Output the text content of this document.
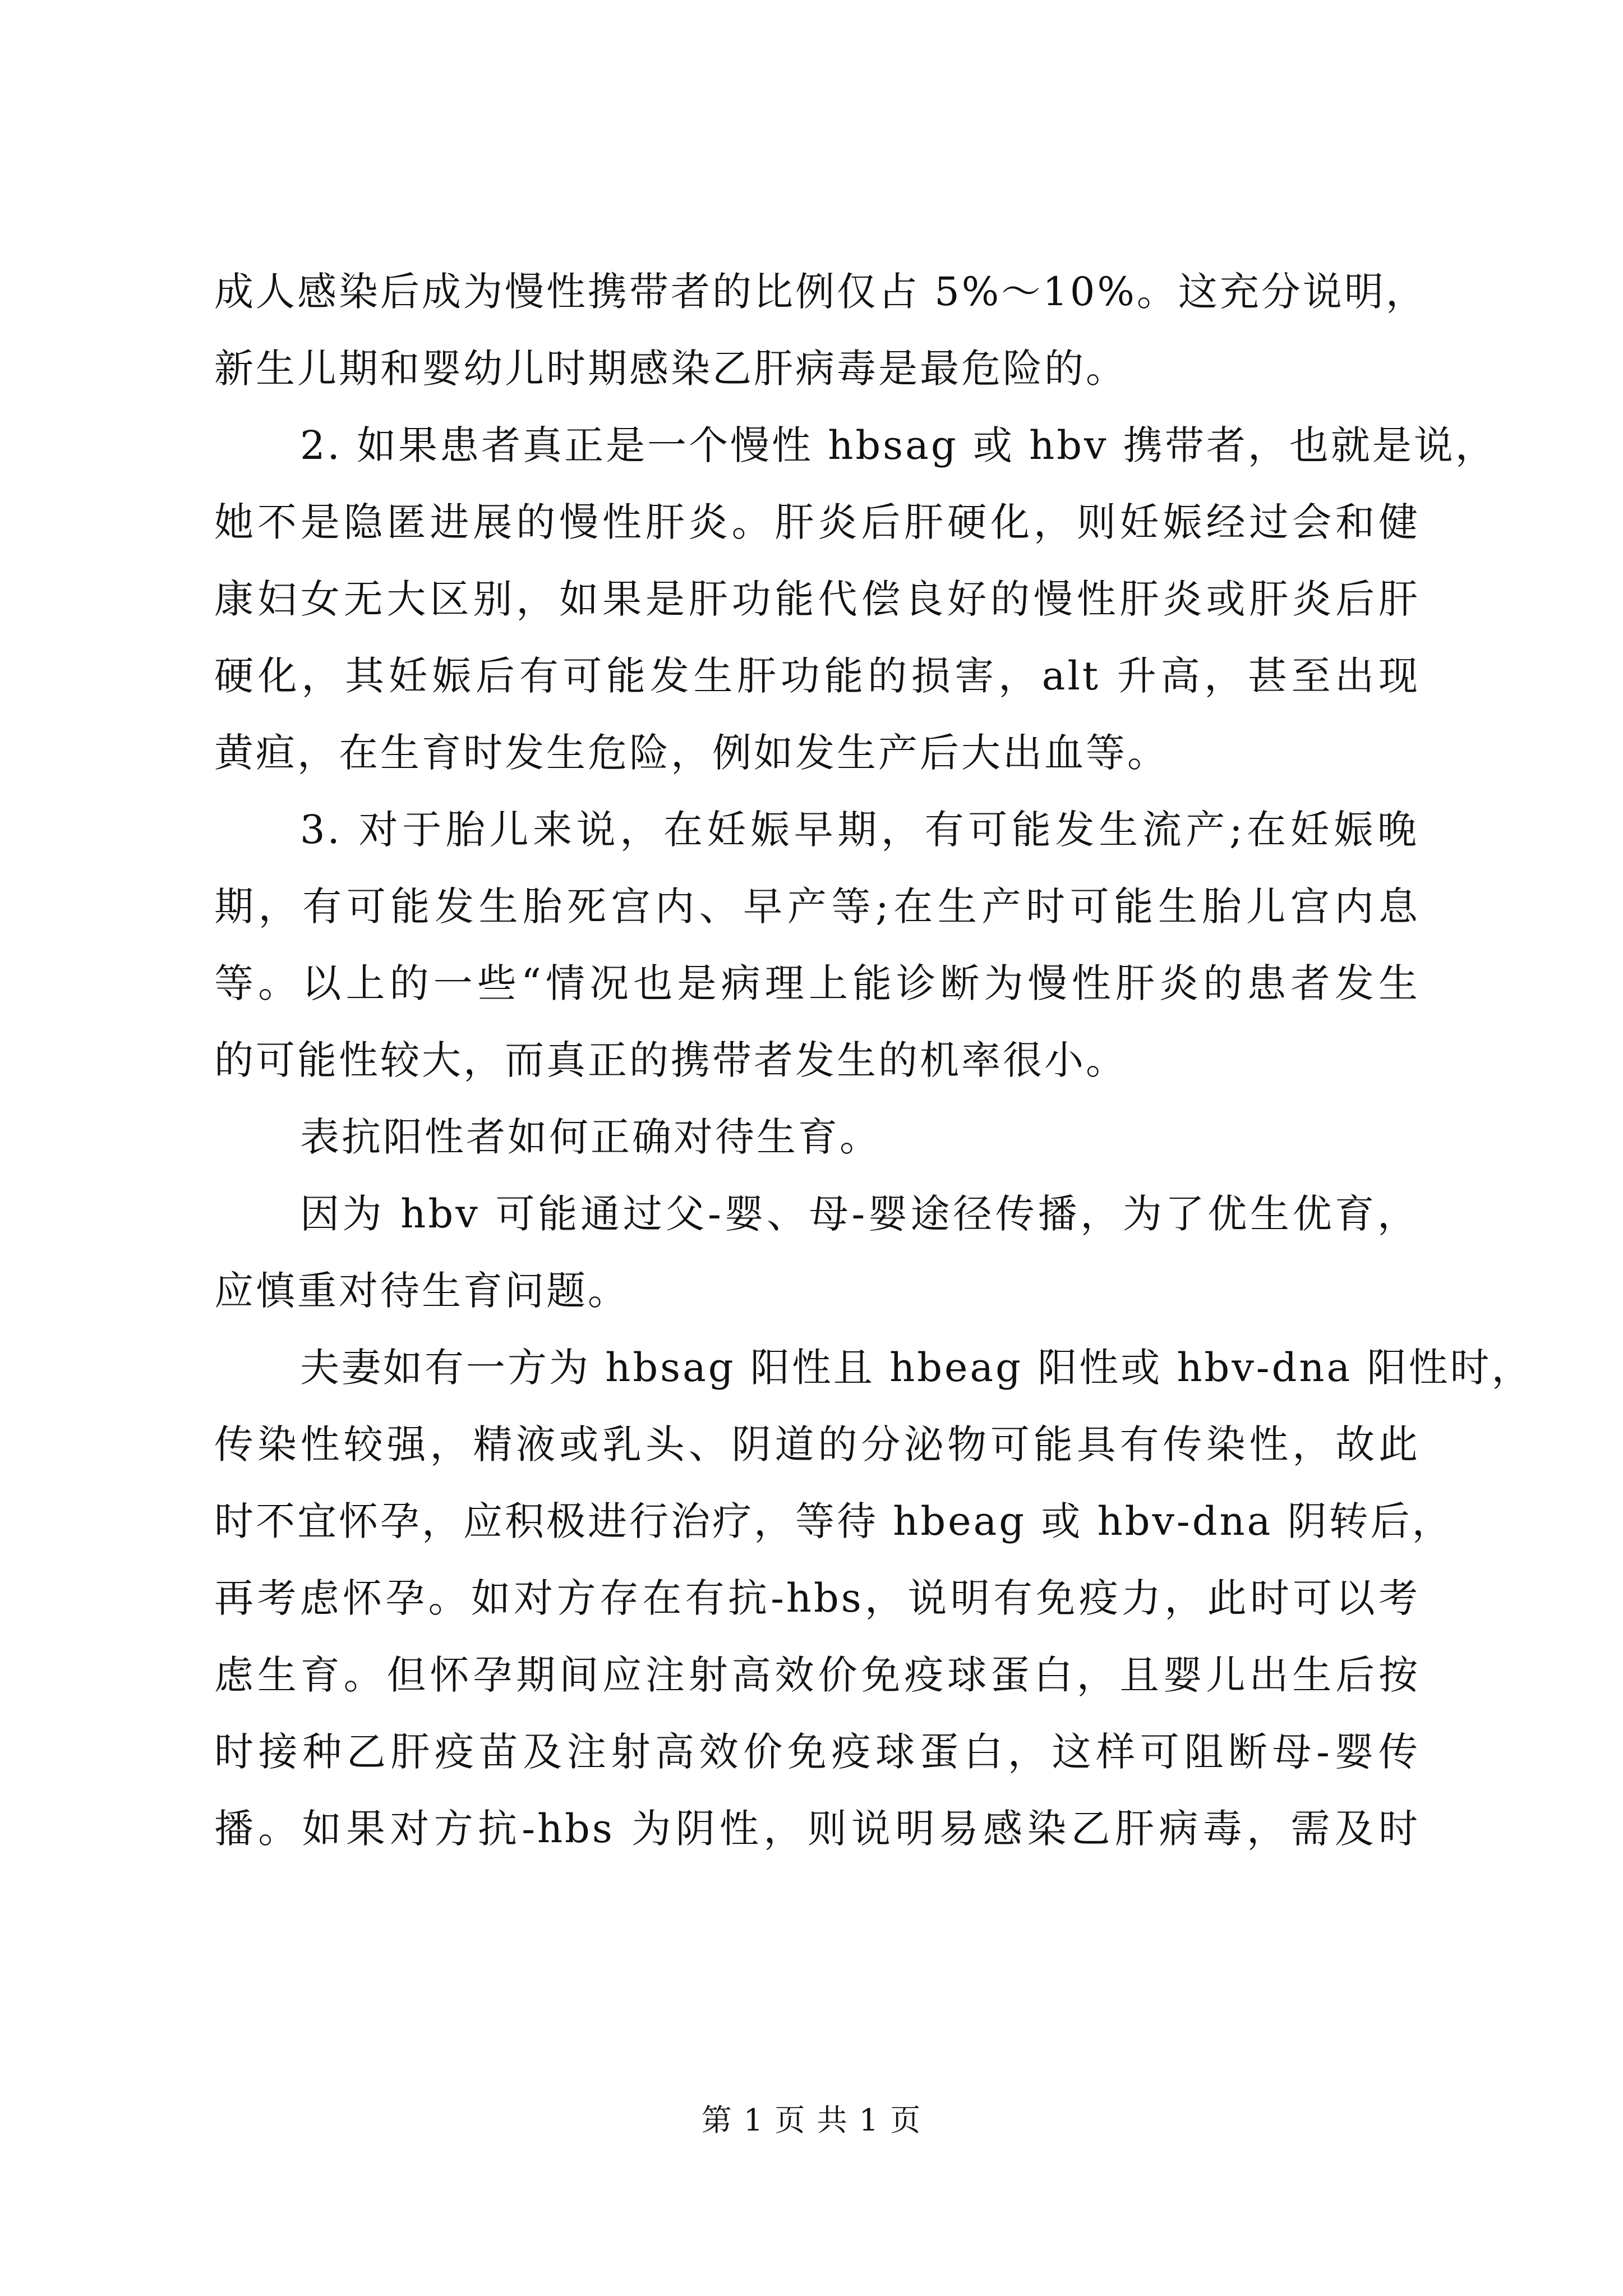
成人感染后成为慢性携带者的比例仅占 5%～10%。这充分说明，
新生儿期和婴幼儿时期感染乙肝病毒是最危险的。
2. 如果患者真正是一个慢性 hbsag 或 hbv 携带者，也就是说，
她不是隐匿进展的慢性肝炎。肝炎后肝硬化，则妊娠经过会和健
康妇女无大区别，如果是肝功能代偿良好的慢性肝炎或肝炎后肝
硬化，其妊娠后有可能发生肝功能的损害，alt 升高，甚至出现
黄疸，在生育时发生危险，例如发生产后大出血等。
3. 对于胎儿来说，在妊娠早期，有可能发生流产;在妊娠晚
期，有可能发生胎死宫内、早产等;在生产时可能生胎儿宫内息
等。以上的一些“情况也是病理上能诊断为慢性肝炎的患者发生
的可能性较大，而真正的携带者发生的机率很小。
表抗阳性者如何正确对待生育。
因为 hbv 可能通过父-婴、母-婴途径传播，为了优生优育，
应慎重对待生育问题。
夫妻如有一方为 hbsag 阳性且 hbeag 阳性或 hbv-dna 阳性时，
传染性较强，精液或乳头、阴道的分泌物可能具有传染性，故此
时不宜怀孕，应积极进行治疗，等待 hbeag 或 hbv-dna 阴转后，
再考虑怀孕。如对方存在有抗-hbs，说明有免疫力，此时可以考
虑生育。但怀孕期间应注射高效价免疫球蛋白，且婴儿出生后按
时接种乙肝疫苗及注射高效价免疫球蛋白，这样可阻断母-婴传
播。如果对方抗-hbs 为阴性，则说明易感染乙肝病毒，需及时
第 1 页 共 1 页
